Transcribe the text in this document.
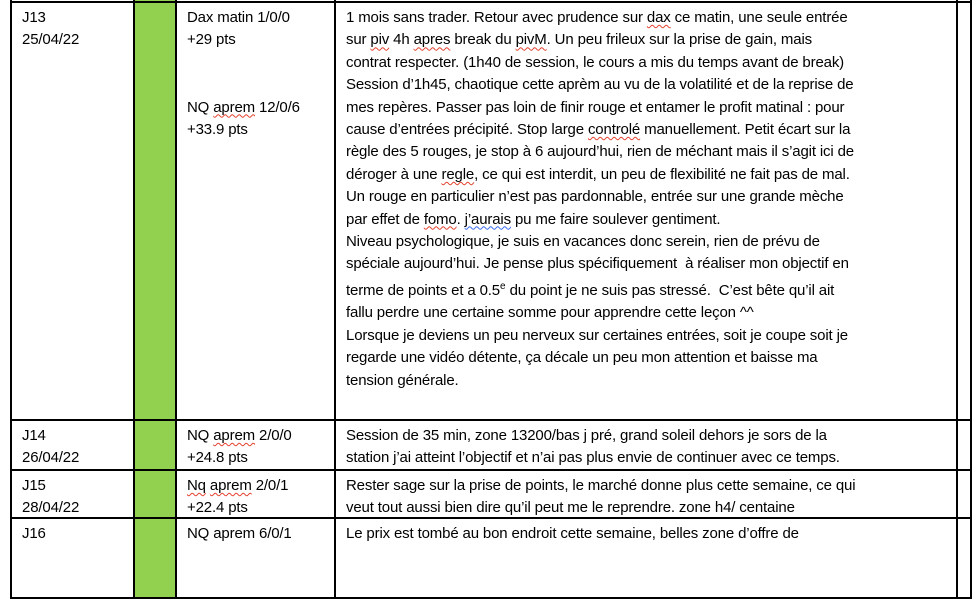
J13
25/04/22
Dax matin 1/0/0
+29 pts

NQ aprem 12/0/6
+33.9 pts
1 mois sans trader. Retour avec prudence sur dax ce matin, une seule entrée
sur piv 4h apres break du pivM. Un peu frileux sur la prise de gain, mais
contrat respecter. (1h40 de session, le cours a mis du temps avant de break)
Session d’1h45, chaotique cette aprèm au vu de la volatilité et de la reprise de
mes repères. Passer pas loin de finir rouge et entamer le profit matinal : pour
cause d’entrées précipité. Stop large controlé manuellement. Petit écart sur la
règle des 5 rouges, je stop à 6 aujourd’hui, rien de méchant mais il s’agit ici de
déroger à une regle, ce qui est interdit, un peu de flexibilité ne fait pas de mal.
Un rouge en particulier n’est pas pardonnable, entrée sur une grande mèche
par effet de fomo. j’aurais pu me faire soulever gentiment.
Niveau psychologique, je suis en vacances donc serein, rien de prévu de
spéciale aujourd’hui. Je pense plus spécifiquement  à réaliser mon objectif en
terme de points et a 0.5e du point je ne suis pas stressé.  C’est bête qu’il ait
fallu perdre une certaine somme pour apprendre cette leçon ^^
Lorsque je deviens un peu nerveux sur certaines entrées, soit je coupe soit je
regarde une vidéo détente, ça décale un peu mon attention et baisse ma
tension générale.
J14
26/04/22
NQ aprem 2/0/0
+24.8 pts
Session de 35 min, zone 13200/bas j pré, grand soleil dehors je sors de la
station j’ai atteint l’objectif et n’ai pas plus envie de continuer avec ce temps.
J15
28/04/22
Nq aprem 2/0/1
+22.4 pts
Rester sage sur la prise de points, le marché donne plus cette semaine, ce qui
veut tout aussi bien dire qu’il peut me le reprendre. zone h4/ centaine
J16	NQ aprem 6/0/1	Le prix est tombé au bon endroit cette semaine, belles zone d’offre de
